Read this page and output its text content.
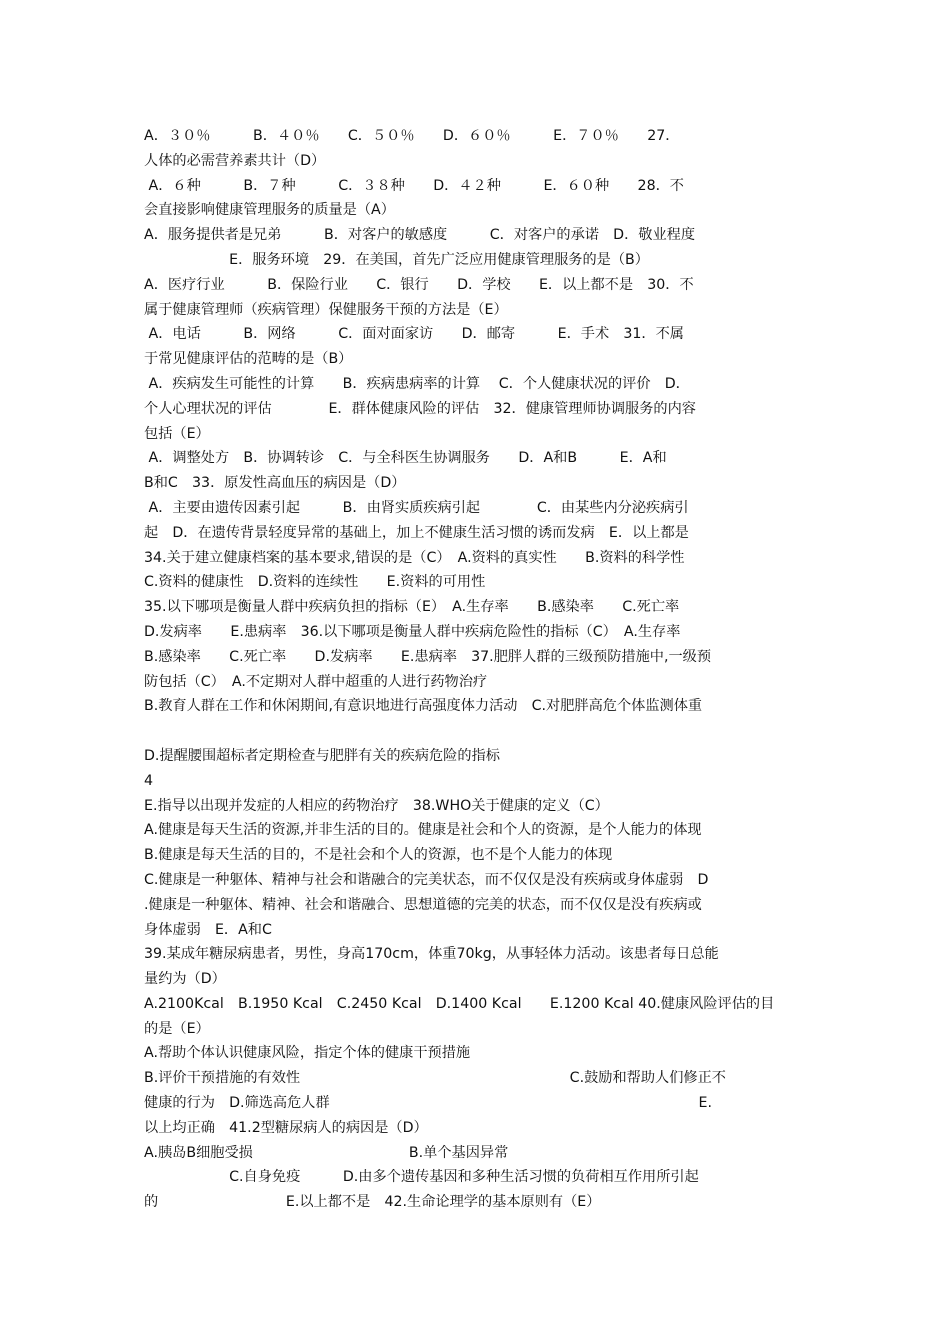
A．３０％　　　B．４０％　　C．５０％　　D．６０％　　　E．７０％　　27．
人体的必需营养素共计（D）
A．６种　　　B．７种　　　C．３８种　　D．４２种　　　E．６０种　　28．不
会直接影响健康管理服务的质量是（A）
A．服务提供者是兄弟　　　B．对客户的敏感度　　　C．对客户的承诺　D．敬业程度
　　　　　　E．服务环境　29．在美国，首先广泛应用健康管理服务的是（B）
A．医疗行业　　　B．保险行业　　C．银行　　D．学校　　E．以上都不是　30．不
属于健康管理师（疾病管理）保健服务干预的方法是（E）
A．电话　　　B．网络　　　C．面对面家访　　D．邮寄　　　E．手术　31．不属
于常见健康评估的范畴的是（B）
A．疾病发生可能性的计算　　B．疾病患病率的计算　 C．个人健康状况的评价　D．
个人心理状况的评估　　　　E．群体健康风险的评估　32．健康管理师协调服务的内容
包括（E）
A．调整处方　B．协调转诊　C．与全科医生协调服务　　D．A和B　　　E．A和
B和C　33．原发性高血压的病因是（D）
A．主要由遗传因素引起　　　B．由肾实质疾病引起　　　　C．由某些内分泌疾病引
起　D．在遗传背景轻度异常的基础上，加上不健康生活习惯的诱而发病　E．以上都是
34.关于建立健康档案的基本要求,错误的是（C）　A.资料的真实性　　B.资料的科学性
C.资料的健康性　D.资料的连续性　　E.资料的可用性
35.以下哪项是衡量人群中疾病负担的指标（E）　A.生存率　　B.感染率　　C.死亡率
D.发病率　　E.患病率　36.以下哪项是衡量人群中疾病危险性的指标（C）　A.生存率
B.感染率　　C.死亡率　　D.发病率　　E.患病率　37.肥胖人群的三级预防措施中,一级预
防包括（C）　A.不定期对人群中超重的人进行药物治疗
B.教育人群在工作和休闲期间,有意识地进行高强度体力活动　C.对肥胖高危个体监测体重
D.提醒腰围超标者定期检查与肥胖有关的疾病危险的指标
4
E.指导以出现并发症的人相应的药物治疗　38.WHO关于健康的定义（C）
A.健康是每天生活的资源,并非生活的目的。健康是社会和个人的资源，是个人能力的体现
B.健康是每天生活的目的，不是社会和个人的资源，也不是个人能力的体现
C.健康是一种躯体、精神与社会和谐融合的完美状态，而不仅仅是没有疾病或身体虚弱　D
.健康是一种躯体、精神、社会和谐融合、思想道德的完美的状态，而不仅仅是没有疾病或
身体虚弱　E．A和C
39.某成年糖尿病患者，男性，身高170cm，体重70kg，从事轻体力活动。该患者每日总能
量约为（D）
A.2100Kcal　B.1950 Kcal　C.2450 Kcal　D.1400 Kcal　　E.1200 Kcal 40.健康风险评估的目
的是（E）
A.帮助个体认识健康风险，指定个体的健康干预措施
B.评价干预措施的有效性　　　　　　　　　　　　　　　　　　　C.鼓励和帮助人们修正不
健康的行为　D.筛选高危人群　　　　　　　　　　　　　　　　　　　　　　　　　　E.
以上均正确　41.2型糖尿病人的病因是（D）
A.胰岛B细胞受损　　　　　　　　　　　B.单个基因异常
　　　　　　C.自身免疫　　　D.由多个遗传基因和多种生活习惯的负荷相互作用所引起
的　　　　　　　　　E.以上都不是　42.生命论理学的基本原则有（E）
